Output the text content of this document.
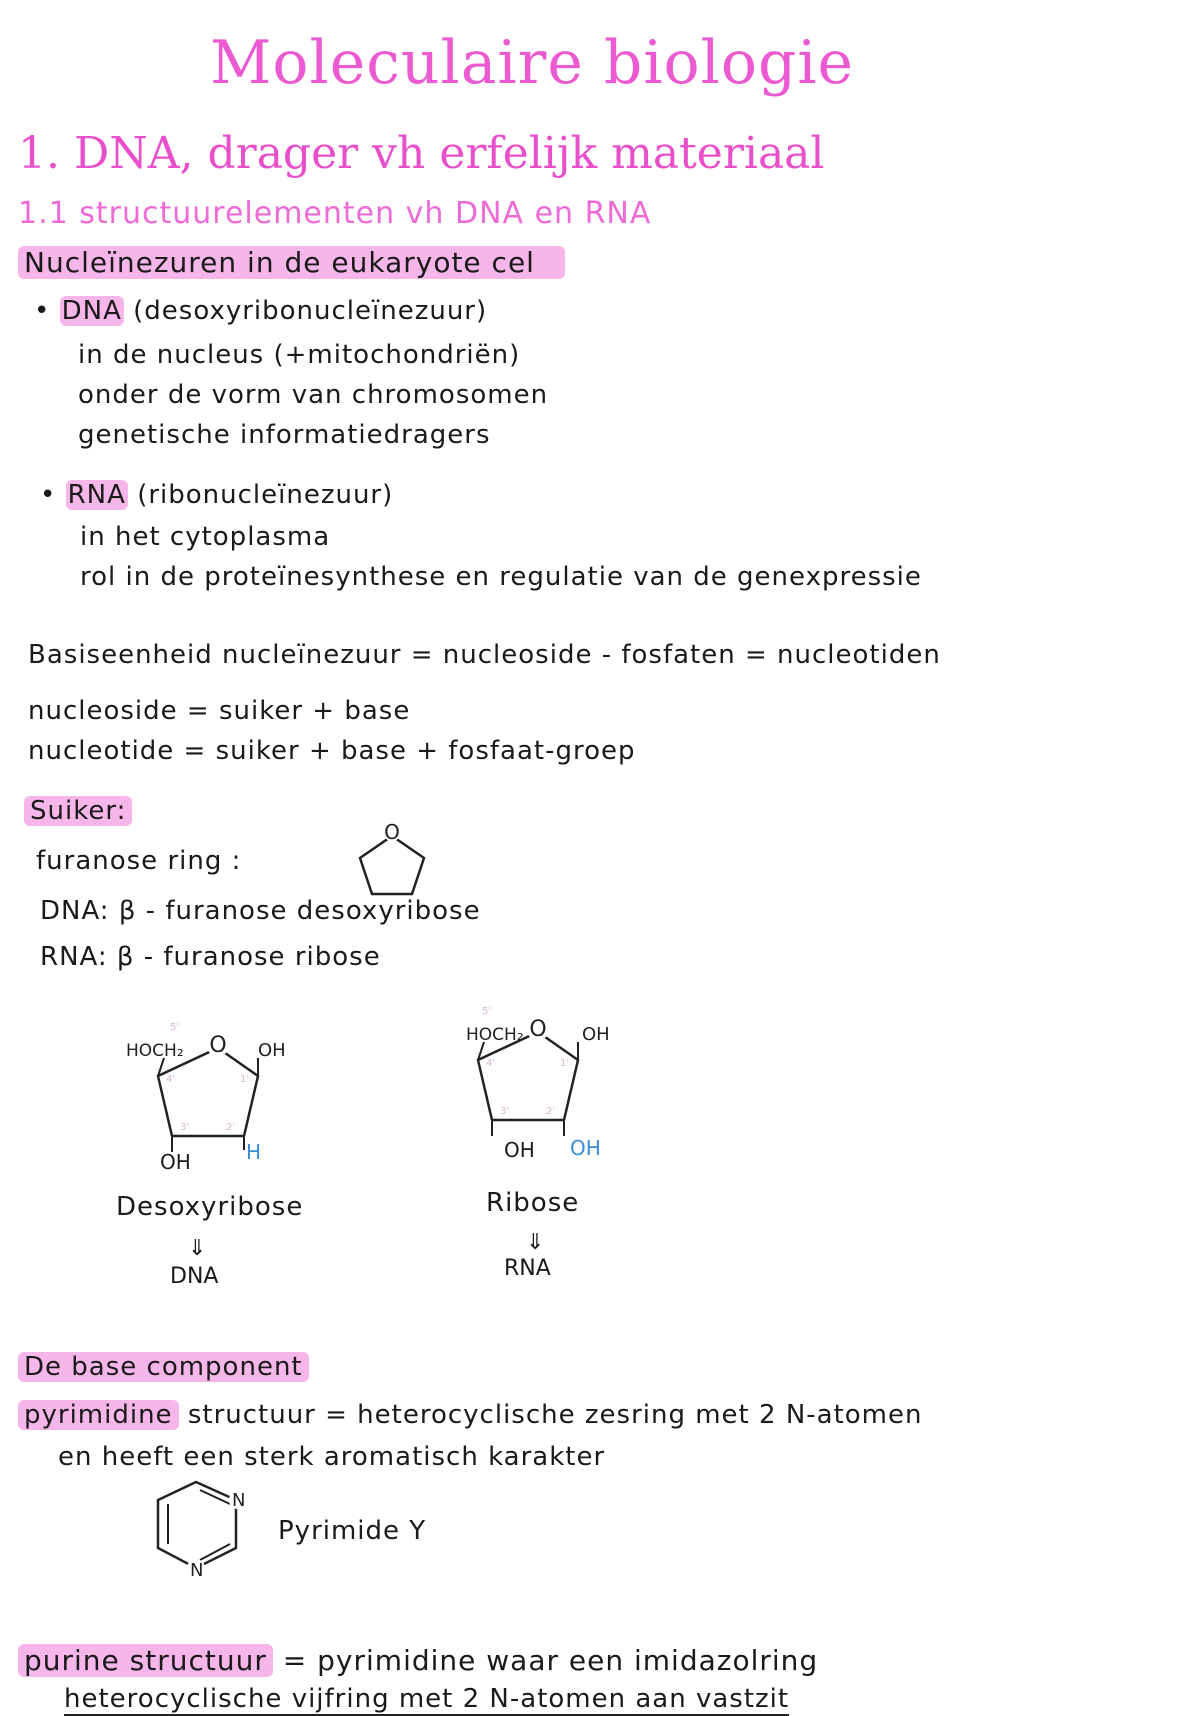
Moleculaire biologie
1. DNA, drager vh erfelijk materiaal
1.1 structuurelementen vh DNA en RNA
Nucleïnezuren in de eukaryote cel
• DNA (desoxyribonucleïnezuur)
in de nucleus (+mitochondriën)
onder de vorm van chromosomen
genetische informatiedragers
• RNA (ribonucleïnezuur)
in het cytoplasma
rol in de proteïnesynthese en regulatie van de genexpressie
Basiseenheid nucleïnezuur = nucleoside - fosfaten = nucleotiden
nucleoside = suiker + base
nucleotide = suiker + base + fosfaat-groep
Suiker:
furanose ring :
O
DNA: β - furanose desoxyribose
RNA: β - furanose ribose
O
HOCH₂	OH
5'
4'
3'	2'
1'
OH	H
Desoxyribose
⇓
DNA
O
HOCH₂	OH
5'
4'
3'	2'
1'
OH OH
Ribose
⇓
RNA
De base component
pyrimidine structuur = heterocyclische zesring met 2 N-atomen
en heeft een sterk aromatisch karakter
N
N
Pyrimide Y
purine structuur = pyrimidine waar een imidazolring
heterocyclische vijfring met 2 N-atomen aan vastzit
